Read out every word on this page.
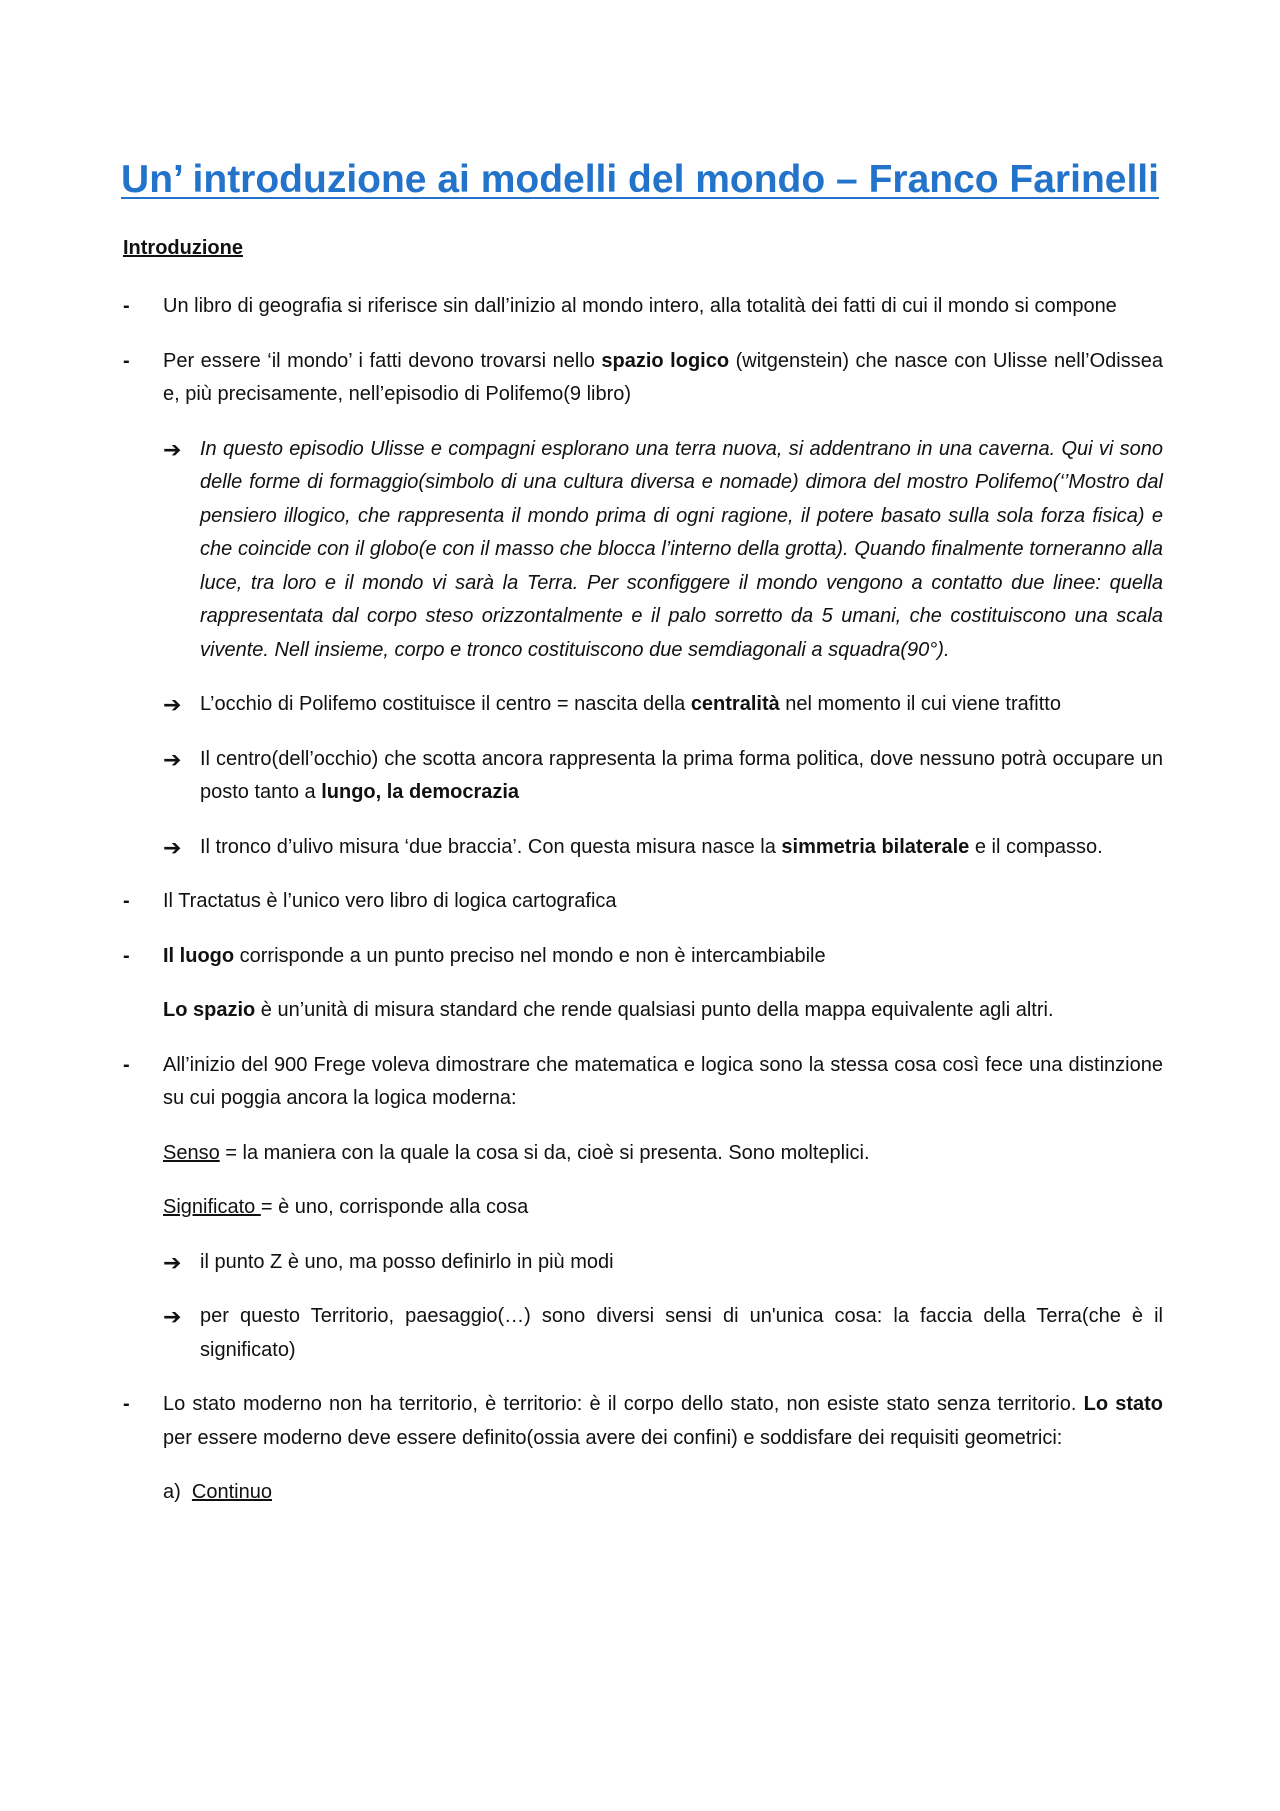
Un’ introduzione ai modelli del mondo – Franco Farinelli
Introduzione
- Un libro di geografia si riferisce sin dall’inizio al mondo intero, alla totalità dei fatti di cui il mondo si compone
- Per essere ‘il mondo’ i fatti devono trovarsi nello spazio logico (witgenstein) che nasce con Ulisse nell’Odissea e, più precisamente, nell’episodio di Polifemo(9 libro)
➔ In questo episodio Ulisse e compagni esplorano una terra nuova, si addentrano in una caverna. Qui vi sono delle forme di formaggio(simbolo di una cultura diversa e nomade) dimora del mostro Polifemo(‘’Mostro dal pensiero illogico, che rappresenta il mondo prima di ogni ragione, il potere basato sulla sola forza fisica) e che coincide con il globo(e con il masso che blocca l’interno della grotta). Quando finalmente torneranno alla luce, tra loro e il mondo vi sarà la Terra. Per sconfiggere il mondo vengono a contatto due linee: quella rappresentata dal corpo steso orizzontalmente e il palo sorretto da 5 umani, che costituiscono una scala vivente. Nell insieme, corpo e tronco costituiscono due semdiagonali a squadra(90°).
➔ L’occhio di Polifemo costituisce il centro = nascita della centralità nel momento il cui viene trafitto
➔ Il centro(dell’occhio) che scotta ancora rappresenta la prima forma politica, dove nessuno potrà occupare un posto tanto a lungo, la democrazia
➔ Il tronco d’ulivo misura ‘due braccia’. Con questa misura nasce la simmetria bilaterale e il compasso.
- Il Tractatus è l’unico vero libro di logica cartografica
- Il luogo corrisponde a un punto preciso nel mondo e non è intercambiabile
Lo spazio è un’unità di misura standard che rende qualsiasi punto della mappa equivalente agli altri.
- All’inizio del 900 Frege voleva dimostrare che matematica e logica sono la stessa cosa così fece una distinzione su cui poggia ancora la logica moderna:
Senso = la maniera con la quale la cosa si da, cioè si presenta. Sono molteplici.
Significato = è uno, corrisponde alla cosa
➔ il punto Z è uno, ma posso definirlo in più modi
➔ per questo Territorio, paesaggio(…) sono diversi sensi di un'unica cosa: la faccia della Terra(che è il significato)
- Lo stato moderno non ha territorio, è territorio: è il corpo dello stato, non esiste stato senza territorio. Lo stato per essere moderno deve essere definito(ossia avere dei confini) e soddisfare dei requisiti geometrici:
a) Continuo
